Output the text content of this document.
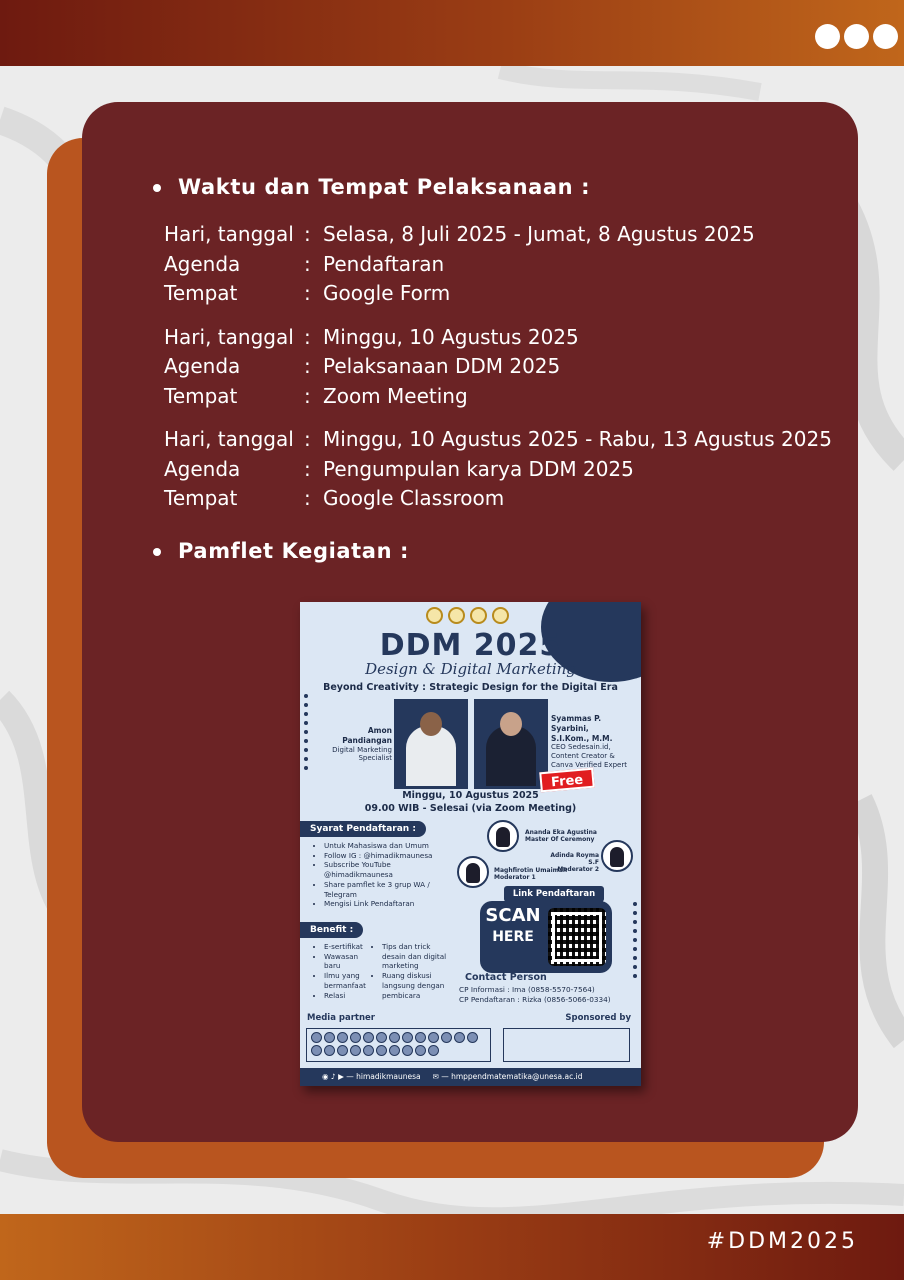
Waktu dan Tempat Pelaksanaan :
Hari, tanggal : Selasa, 8 Juli 2025 - Jumat, 8 Agustus 2025
Agenda	: Pendaftaran
Tempat	: Google Form
Hari, tanggal : Minggu, 10 Agustus 2025
Agenda	: Pelaksanaan DDM 2025
Tempat	: Zoom Meeting
Hari, tanggal : Minggu, 10 Agustus 2025 - Rabu, 13 Agustus 2025
Agenda	: Pengumpulan karya DDM 2025
Tempat	: Google Classroom
Pamflet Kegiatan :
DDM 2025
Design & Digital Marketing
Beyond Creativity : Strategic Design for the Digital Era
Amon Pandiangan
Digital Marketing
Specialist
Syammas P. Syarbini,
S.I.Kom., M.M.
CEO Sedesain.id,
Content Creator &
Canva Verified Expert
Free
Minggu, 10 Agustus 2025
09.00 WIB - Selesai (via Zoom Meeting)
Syarat Pendaftaran :
• Untuk Mahasiswa dan Umum
• Follow IG : @himadikmaunesa
• Subscribe YouTube
@himadikmaunesa
• Share pamflet ke 3 grup WA /
Telegram
• Mengisi Link Pendaftaran
Ananda Eka Agustina
Master Of Ceremony
Adinda Royma S.F
Moderator 2
Maghfirotin Umaimah
Moderator 1
Link Pendaftaran
SCAN
HERE
Benefit :
• E-sertifikat
• Wawasan
baru
• Ilmu yang
bermanfaat
• Relasi
• Tips dan trick
desain dan digital
marketing
• Ruang diskusi
langsung dengan
pembicara
Contact Person
CP Informasi : Ima (0858-5570-7564)
CP Pendaftaran : Rizka (0856-5066-0334)
Media partner	Sponsored by
◉ ♪ ▶ — himadikmaunesa ✉ — hmppendmatematika@unesa.ac.id
#DDM2025
